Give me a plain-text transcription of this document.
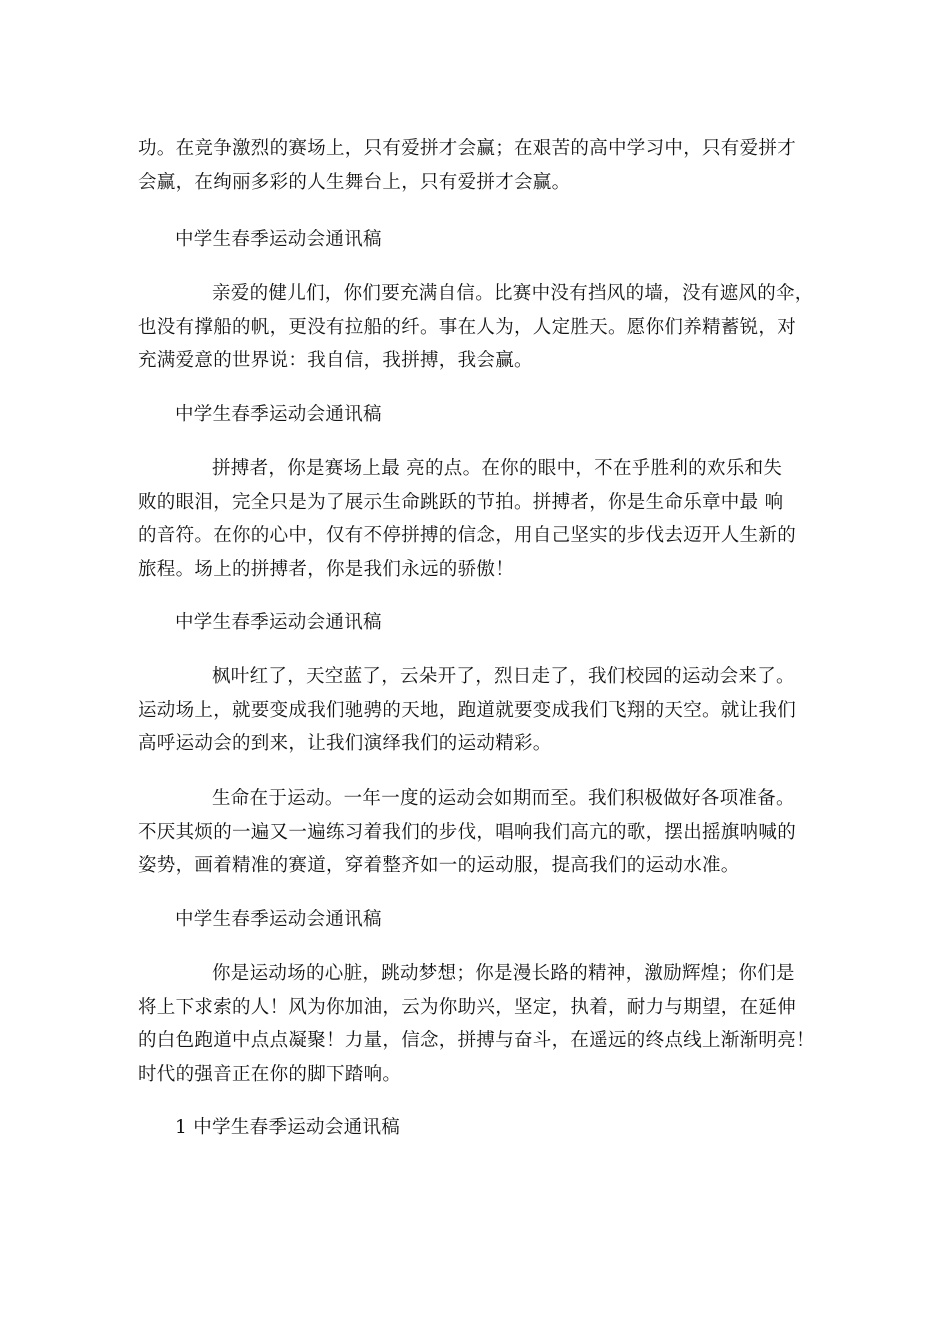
功。在竞争激烈的赛场上，只有爱拼才会赢；在艰苦的高中学习中，只有爱拼才
会赢，在绚丽多彩的人生舞台上，只有爱拼才会赢。
中学生春季运动会通讯稿
亲爱的健儿们，你们要充满自信。比赛中没有挡风的墙，没有遮风的伞，
也没有撑船的帆，更没有拉船的纤。事在人为，人定胜天。愿你们养精蓄锐，对
充满爱意的世界说：我自信，我拼搏，我会赢。
中学生春季运动会通讯稿
拼搏者，你是赛场上最 亮的点。在你的眼中，不在乎胜利的欢乐和失
败的眼泪，完全只是为了展示生命跳跃的节拍。拼搏者，你是生命乐章中最 响
的音符。在你的心中，仅有不停拼搏的信念，用自己坚实的步伐去迈开人生新的
旅程。场上的拼搏者，你是我们永远的骄傲！
中学生春季运动会通讯稿
枫叶红了，天空蓝了，云朵开了，烈日走了，我们校园的运动会来了。
运动场上，就要变成我们驰骋的天地，跑道就要变成我们飞翔的天空。就让我们
高呼运动会的到来，让我们演绎我们的运动精彩。
生命在于运动。一年一度的运动会如期而至。我们积极做好各项准备。
不厌其烦的一遍又一遍练习着我们的步伐，唱响我们高亢的歌，摆出摇旗呐喊的
姿势，画着精准的赛道，穿着整齐如一的运动服，提高我们的运动水准。
中学生春季运动会通讯稿
你是运动场的心脏，跳动梦想；你是漫长路的精神，激励辉煌；你们是
将上下求索的人！风为你加油，云为你助兴，坚定，执着，耐力与期望，在延伸
的白色跑道中点点凝聚！力量，信念，拼搏与奋斗，在遥远的终点线上渐渐明亮！
时代的强音正在你的脚下踏响。
1 中学生春季运动会通讯稿
